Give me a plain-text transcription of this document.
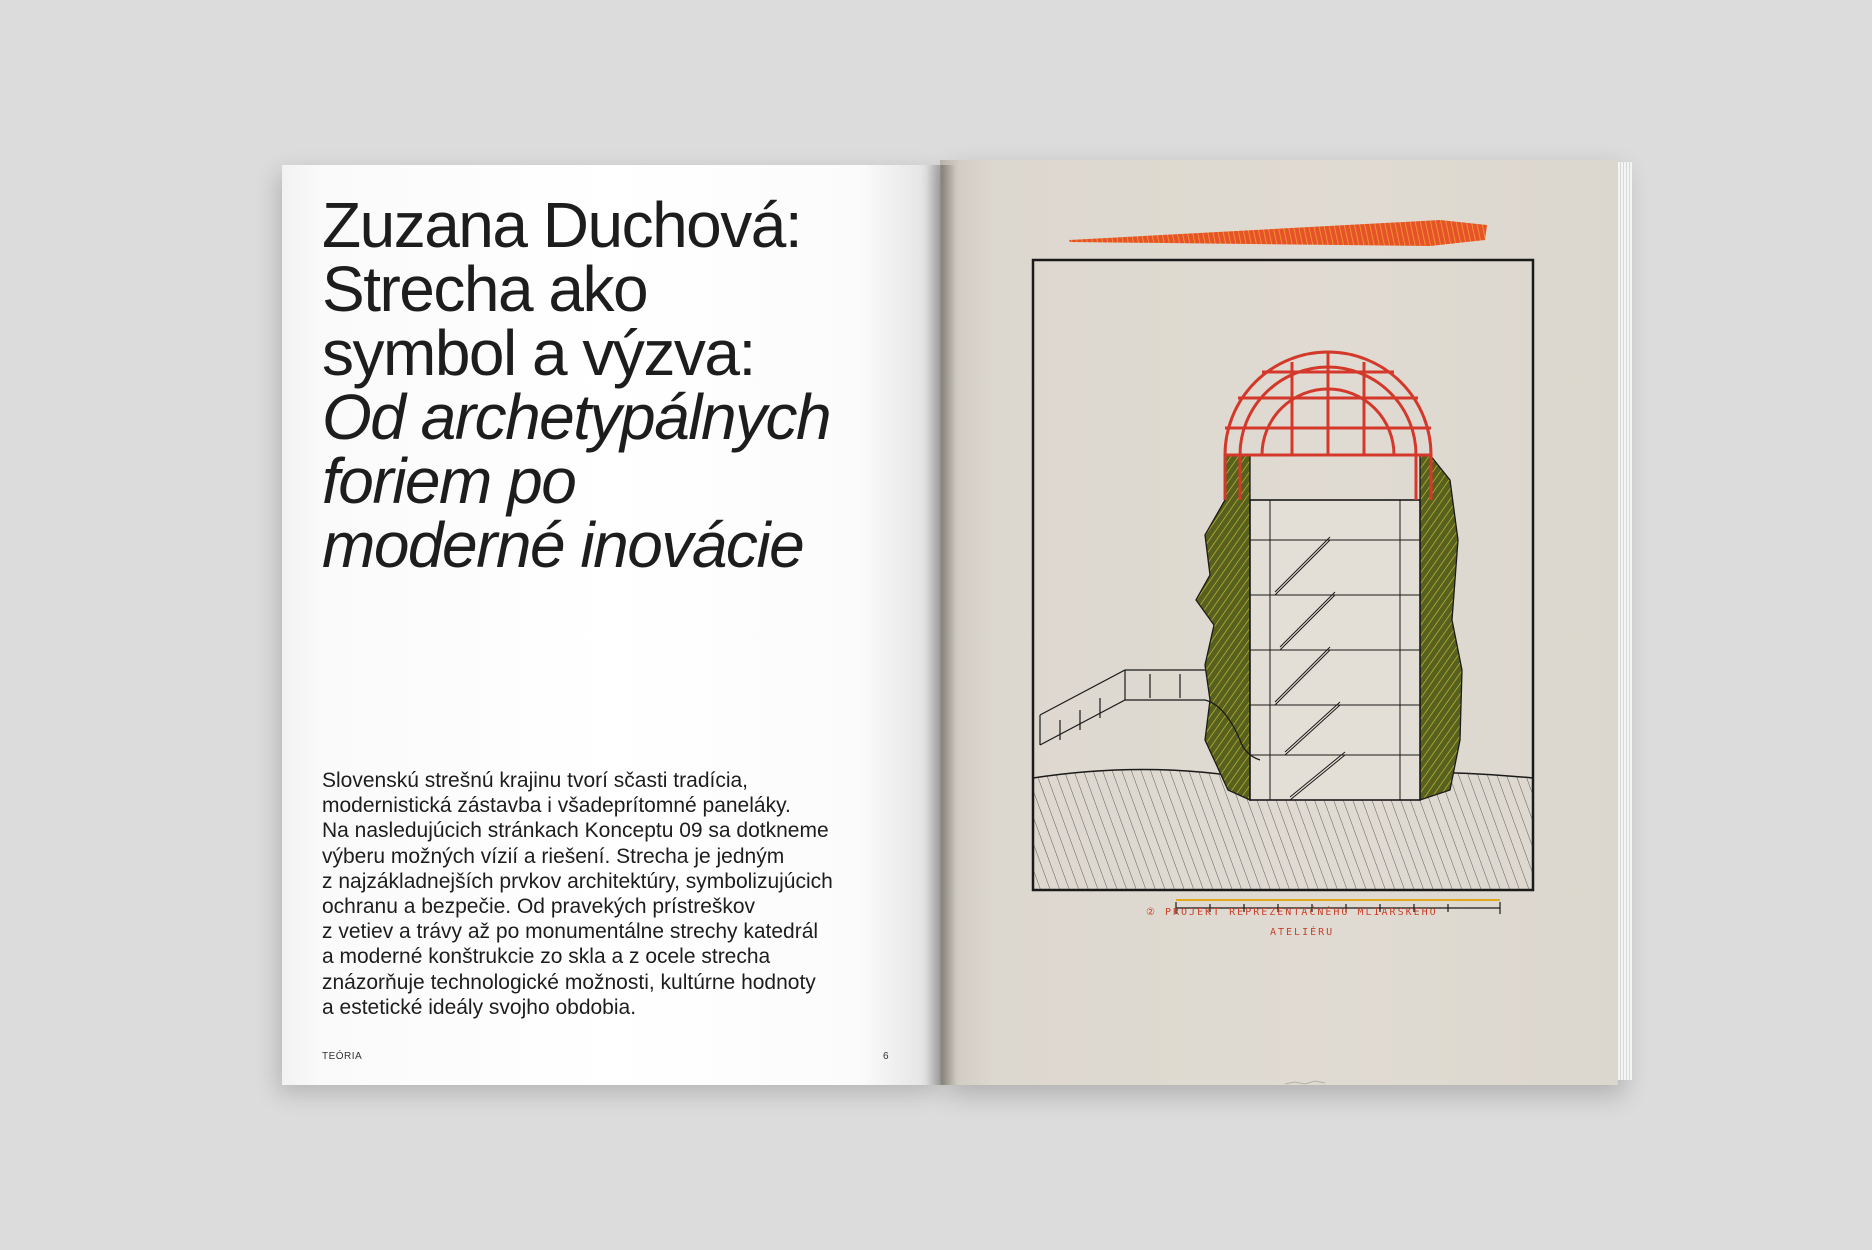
Zuzana Duchová:
Strecha ako
symbol a výzva:
Od archetypálnych
foriem po
moderné inovácie

Slovenskú strešnú krajinu tvorí sčasti tradícia,
modernistická zástavba i všadeprítomné paneláky.
Na nasledujúcich stránkach Konceptu 09 sa dotkneme
výberu možných vízií a riešení. Strecha je jedným
z najzákladnejších prvkov architektúry, symbolizujúcich
ochranu a bezpečie. Od pravekých prístreškov
z vetiev a trávy až po monumentálne strechy katedrál
a moderné konštrukcie zo skla a z ocele strecha
znázorňuje technologické možnosti, kultúrne hodnoty
a estetické ideály svojho obdobia.

TEÓRIA	6
② PROJEKT REPREZENTAČNÉHO MLIARSKEHO
ATELIÉRU
